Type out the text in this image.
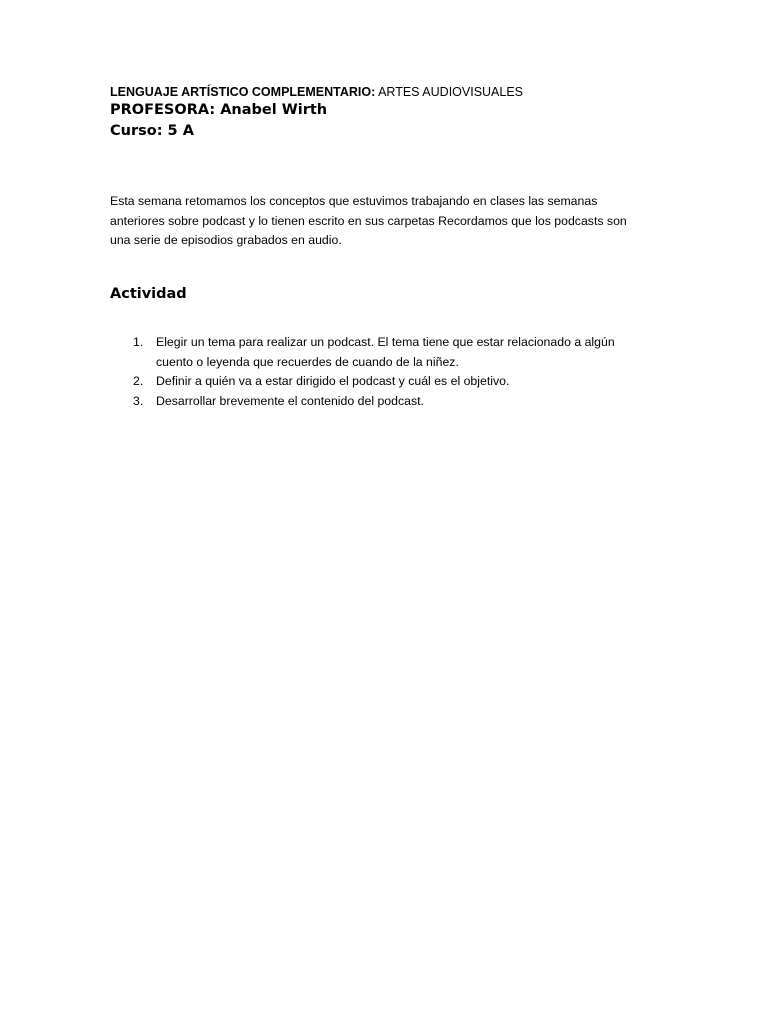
LENGUAJE ARTÍSTICO COMPLEMENTARIO: ARTES AUDIOVISUALES
PROFESORA: Anabel Wirth
Curso: 5 A
Esta semana retomamos los conceptos que estuvimos trabajando en clases las semanas
anteriores sobre podcast y lo tienen escrito en sus carpetas Recordamos que los podcasts son
una serie de episodios grabados en audio.
Actividad
1. Elegir un tema para realizar un podcast. El tema tiene que estar relacionado a algún
cuento o leyenda que recuerdes de cuando de la niñez.
2. Definir a quién va a estar dirigido el podcast y cuál es el objetivo.
3. Desarrollar brevemente el contenido del podcast.
